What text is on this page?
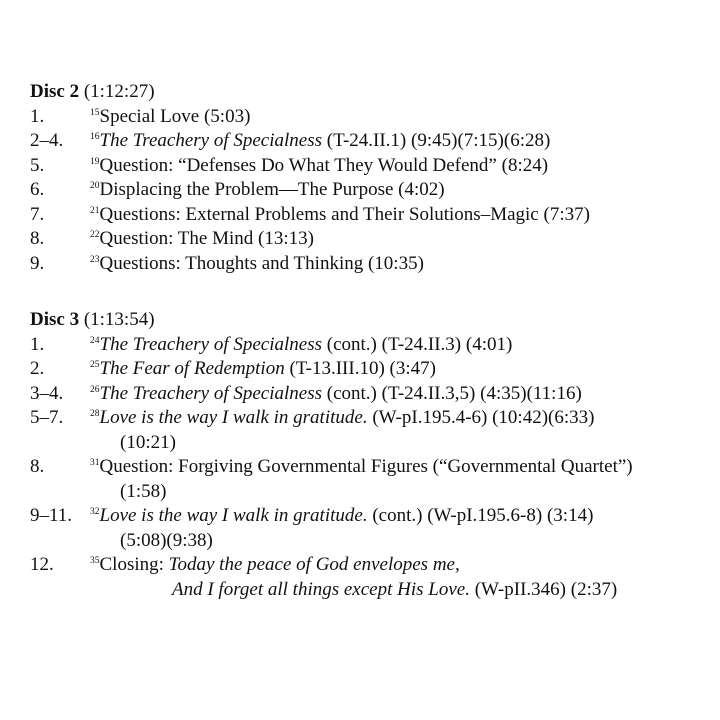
Disc 2 (1:12:27)
1.	$^{15}$Special Love (5:03)
2–4.	$^{16}$The Treachery of Specialness (T-24.II.1) (9:45)(7:15)(6:28)
5.	$^{19}$Question: “Defenses Do What They Would Defend” (8:24)
6.	$^{20}$Displacing the Problem—The Purpose (4:02)
7.	$^{21}$Questions: External Problems and Their Solutions–Magic (7:37)
8.	$^{22}$Question: The Mind (13:13)
9.	$^{23}$Questions: Thoughts and Thinking (10:35)
Disc 3 (1:13:54)
1.	$^{24}$The Treachery of Specialness (cont.) (T-24.II.3) (4:01)
2.	$^{25}$The Fear of Redemption (T-13.III.10) (3:47)
3–4.	$^{26}$The Treachery of Specialness (cont.) (T-24.II.3,5) (4:35)(11:16)
5–7.	$^{28}$Love is the way I walk in gratitude. (W-pI.195.4-6) (10:42)(6:33)
(10:21)
8.	$^{31}$Question: Forgiving Governmental Figures (“Governmental Quartet”)
(1:58)
9–11. $^{32}$Love is the way I walk in gratitude. (cont.) (W-pI.195.6-8) (3:14)
(5:08)(9:38)
12.	$^{35}$Closing: Today the peace of God envelopes me,
And I forget all things except His Love. (W-pII.346) (2:37)
